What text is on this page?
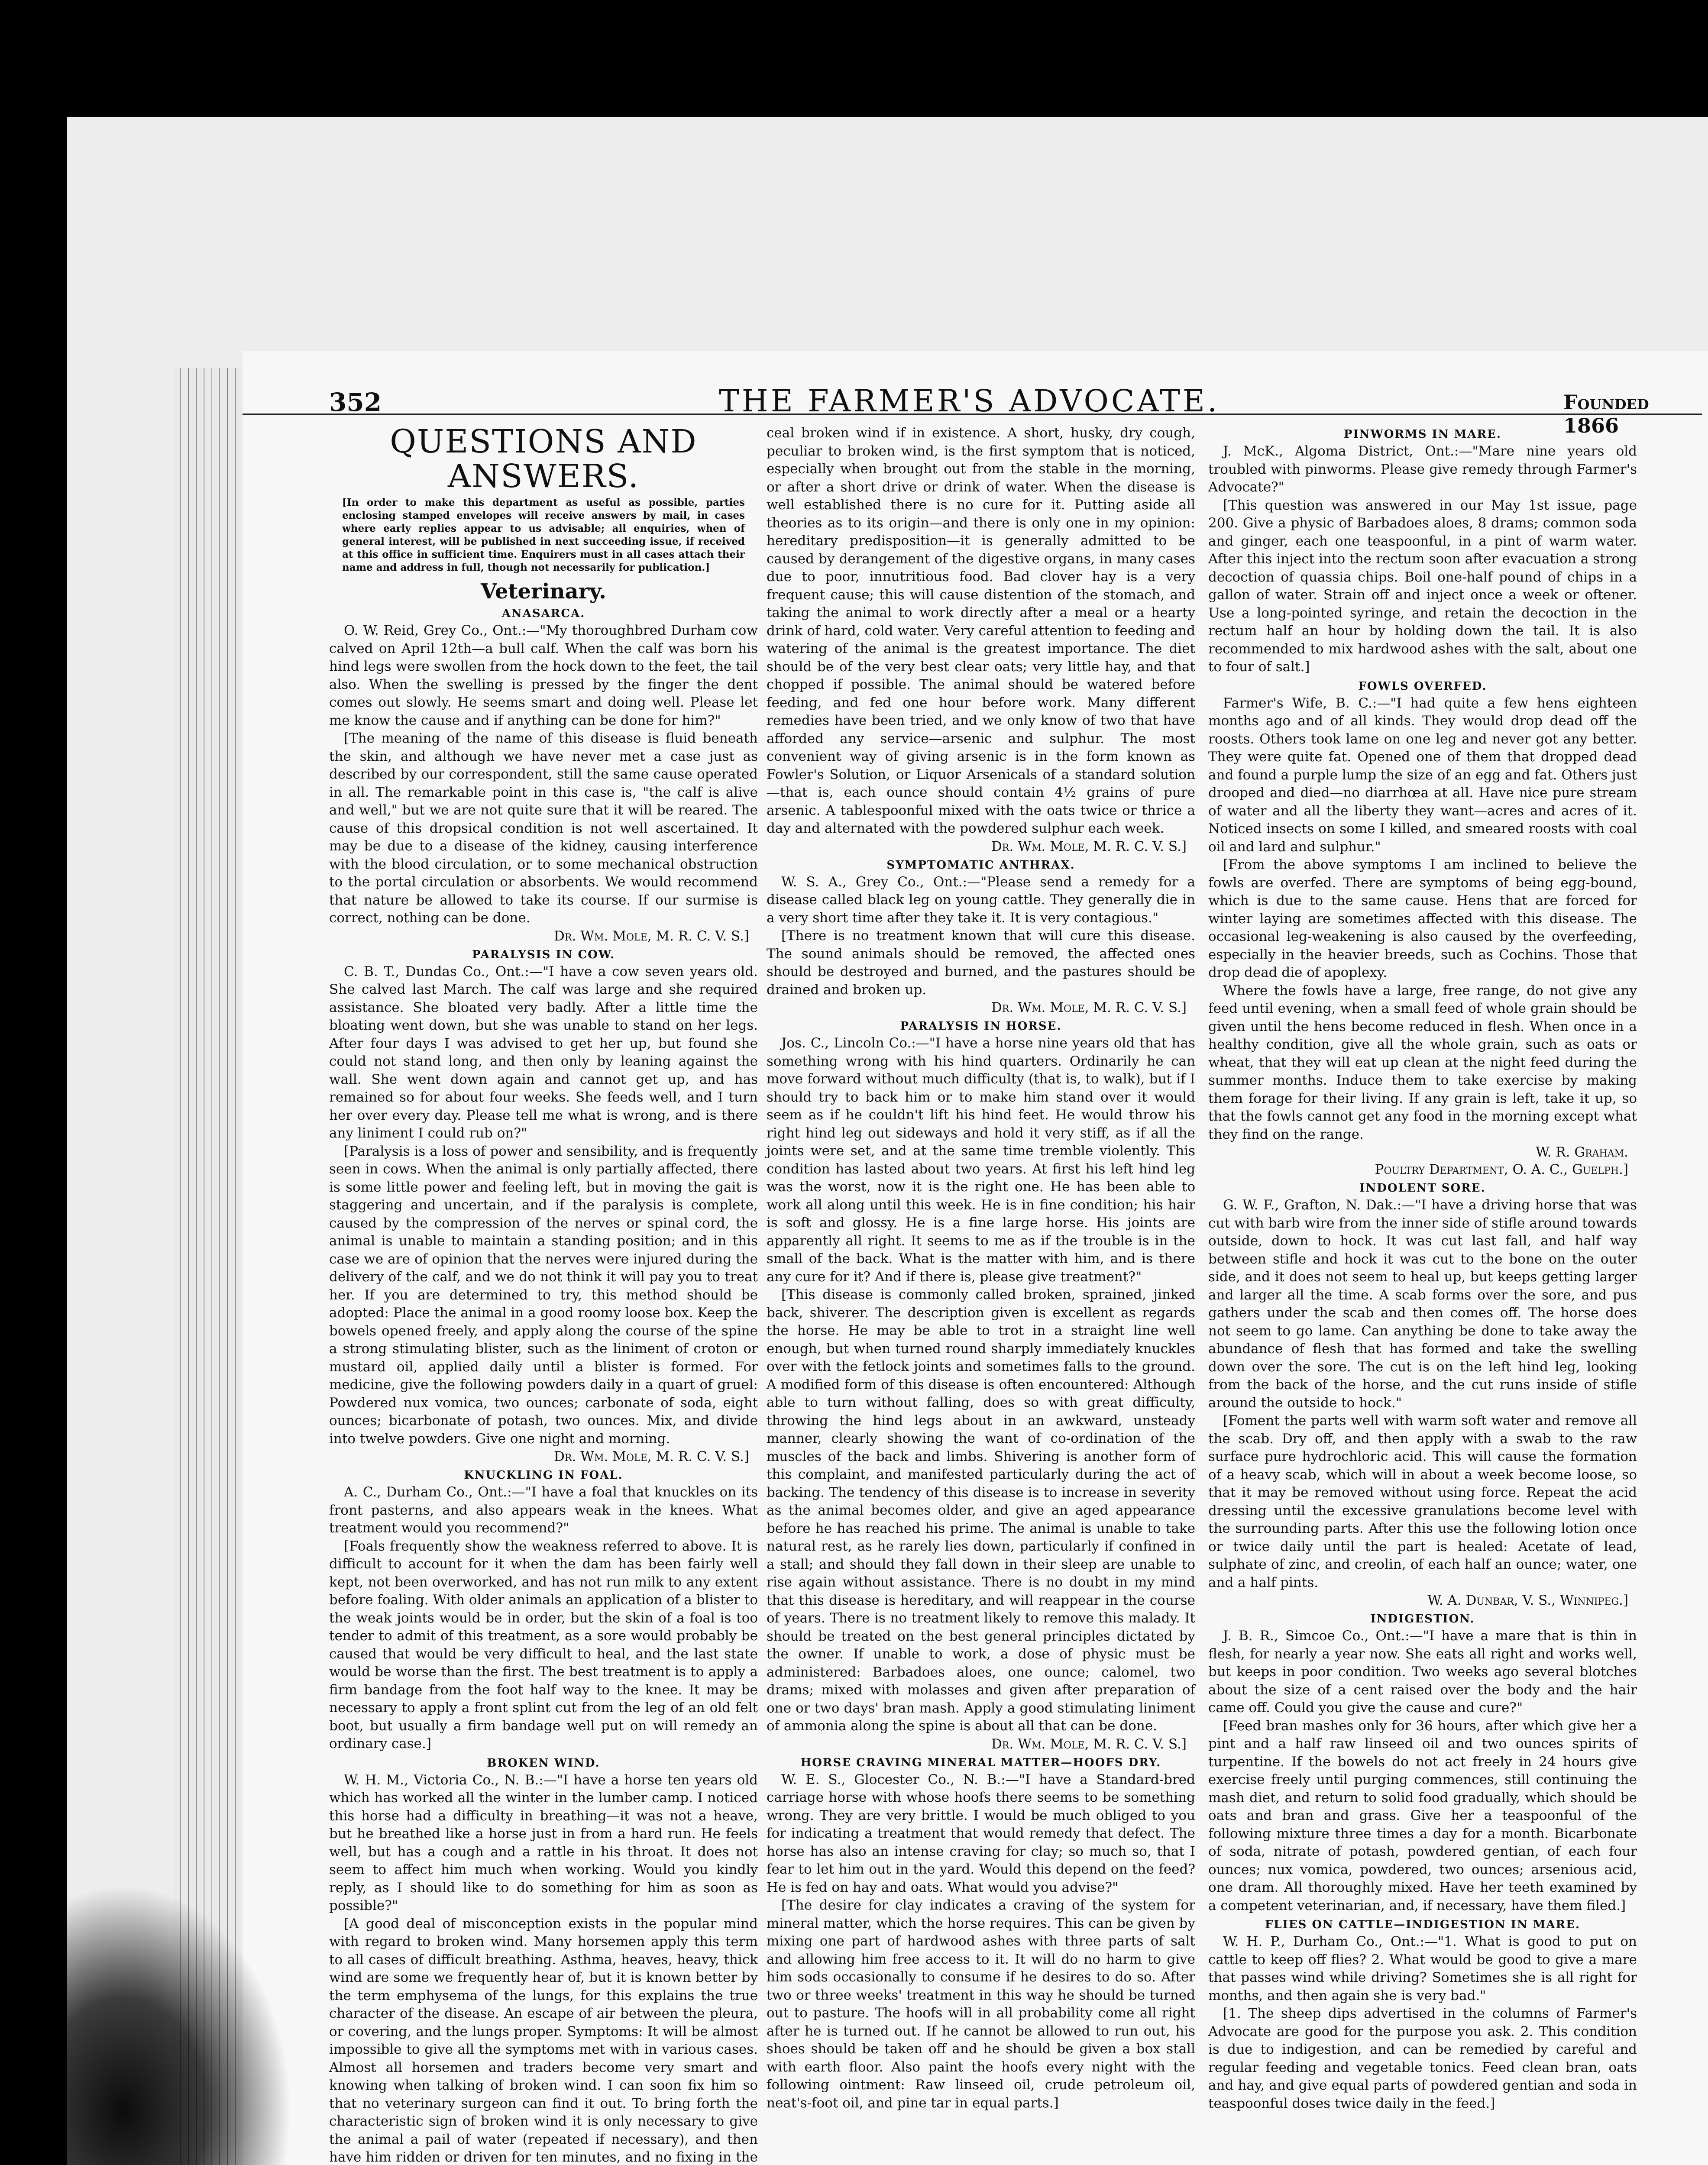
352	THE FARMER'S ADVOCATE.	Founded 1866
QUESTIONS AND ANSWERS.
[In order to make this department as useful as possible, parties enclosing stamped envelopes will receive answers by mail, in cases where early replies appear to us advisable; all enquiries, when of general interest, will be published in next succeeding issue, if received at this office in sufficient time. Enquirers must in all cases attach their name and address in full, though not necessarily for publication.]
Veterinary.
ANASARCA.

O. W. Reid, Grey Co., Ont.:—"My thoroughbred Durham cow calved on April 12th—a bull calf. When the calf was born his hind legs were swollen from the hock down to the feet, the tail also. When the swelling is pressed by the finger the dent comes out slowly. He seems smart and doing well. Please let me know the cause and if anything can be done for him?"

[The meaning of the name of this disease is fluid beneath the skin, and although we have never met a case just as described by our correspondent, still the same cause operated in all. The remarkable point in this case is, "the calf is alive and well," but we are not quite sure that it will be reared. The cause of this dropsical condition is not well ascertained. It may be due to a disease of the kidney, causing interference with the blood circulation, or to some mechanical obstruction to the portal circulation or absorbents. We would recommend that nature be allowed to take its course. If our surmise is correct, nothing can be done.

Dr. Wm. Mole, M. R. C. V. S.]
PARALYSIS IN COW.

C. B. T., Dundas Co., Ont.:—"I have a cow seven years old. She calved last March. The calf was large and she required assistance. She bloated very badly. After a little time the bloating went down, but she was unable to stand on her legs. After four days I was advised to get her up, but found she could not stand long, and then only by leaning against the wall. She went down again and cannot get up, and has remained so for about four weeks. She feeds well, and I turn her over every day. Please tell me what is wrong, and is there any liniment I could rub on?"

[Paralysis is a loss of power and sensibility, and is frequently seen in cows. When the animal is only partially affected, there is some little power and feeling left, but in moving the gait is staggering and uncertain, and if the paralysis is complete, caused by the compression of the nerves or spinal cord, the animal is unable to maintain a standing position; and in this case we are of opinion that the nerves were injured during the delivery of the calf, and we do not think it will pay you to treat her. If you are determined to try, this method should be adopted: Place the animal in a good roomy loose box. Keep the bowels opened freely, and apply along the course of the spine a strong stimulating blister, such as the liniment of croton or mustard oil, applied daily until a blister is formed. For medicine, give the following powders daily in a quart of gruel: Powdered nux vomica, two ounces; carbonate of soda, eight ounces; bicarbonate of potash, two ounces. Mix, and divide into twelve powders. Give one night and morning.

Dr. Wm. Mole, M. R. C. V. S.]
KNUCKLING IN FOAL.

A. C., Durham Co., Ont.:—"I have a foal that knuckles on its front pasterns, and also appears weak in the knees. What treatment would you recommend?"

[Foals frequently show the weakness referred to above. It is difficult to account for it when the dam has been fairly well kept, not been overworked, and has not run milk to any extent before foaling. With older animals an application of a blister to the weak joints would be in order, but the skin of a foal is too tender to admit of this treatment, as a sore would probably be caused that would be very difficult to heal, and the last state would be worse than the first. The best treatment is to apply a firm bandage from the foot half way to the knee. It may be necessary to apply a front splint cut from the leg of an old felt boot, but usually a firm bandage well put on will remedy an ordinary case.]

BROKEN WIND.

W. H. M., Victoria Co., N. B.:—"I have a horse ten years old which has worked all the winter in the lumber camp. I noticed this horse had a difficulty in breathing—it was not a heave, but he breathed like a horse just in from a hard run. He feels well, but has a cough and a rattle in his throat. It does not seem to affect him much when working. Would you kindly reply, as I should like to do something for him as soon as possible?"

[A good deal of misconception exists in the popular mind with regard to broken wind. Many horsemen apply this term to all cases of difficult breathing. Asthma, heaves, heavy, thick wind are some we frequently hear of, but it is known better by the term emphysema of the lungs, for this explains the true character of the disease. An escape of air between the pleura, or covering, and the lungs proper. Symptoms: It will be almost impossible to give all the symptoms met with in various cases. Almost all horsemen and traders become very smart and knowing when talking of broken wind. I can soon fix him so that no veterinary surgeon can find it out. To bring forth the characteristic sign of broken wind it is only necessary to give the animal a pail of water (repeated if necessary), and then have him ridden or driven for ten minutes, and no fixing in the

ceal broken wind if in existence. A short, husky, dry cough, peculiar to broken wind, is the first symptom that is noticed, especially when brought out from the stable in the morning, or after a short drive or drink of water. When the disease is well established there is no cure for it. Putting aside all theories as to its origin—and there is only one in my opinion: hereditary predisposition—it is generally admitted to be caused by derangement of the digestive organs, in many cases due to poor, innutritious food. Bad clover hay is a very frequent cause; this will cause distention of the stomach, and taking the animal to work directly after a meal or a hearty drink of hard, cold water. Very careful attention to feeding and watering of the animal is the greatest importance. The diet should be of the very best clear oats; very little hay, and that chopped if possible. The animal should be watered before feeding, and fed one hour before work. Many different remedies have been tried, and we only know of two that have afforded any service—arsenic and sulphur. The most convenient way of giving arsenic is in the form known as Fowler's Solution, or Liquor Arsenicals of a standard solution—that is, each ounce should contain 4½ grains of pure arsenic. A tablespoonful mixed with the oats twice or thrice a day and alternated with the powdered sulphur each week.

Dr. Wm. Mole, M. R. C. V. S.]
SYMPTOMATIC ANTHRAX.

W. S. A., Grey Co., Ont.:—"Please send a remedy for a disease called black leg on young cattle. They generally die in a very short time after they take it. It is very contagious."

[There is no treatment known that will cure this disease. The sound animals should be removed, the affected ones should be destroyed and burned, and the pastures should be drained and broken up.

Dr. Wm. Mole, M. R. C. V. S.]
PARALYSIS IN HORSE.

Jos. C., Lincoln Co.:—"I have a horse nine years old that has something wrong with his hind quarters. Ordinarily he can move forward without much difficulty (that is, to walk), but if I should try to back him or to make him stand over it would seem as if he couldn't lift his hind feet. He would throw his right hind leg out sideways and hold it very stiff, as if all the joints were set, and at the same time tremble violently. This condition has lasted about two years. At first his left hind leg was the worst, now it is the right one. He has been able to work all along until this week. He is in fine condition; his hair is soft and glossy. He is a fine large horse. His joints are apparently all right. It seems to me as if the trouble is in the small of the back. What is the matter with him, and is there any cure for it? And if there is, please give treatment?"

[This disease is commonly called broken, sprained, jinked back, shiverer. The description given is excellent as regards the horse. He may be able to trot in a straight line well enough, but when turned round sharply immediately knuckles over with the fetlock joints and sometimes falls to the ground. A modified form of this disease is often encountered: Although able to turn without falling, does so with great difficulty, throwing the hind legs about in an awkward, unsteady manner, clearly showing the want of co-ordination of the muscles of the back and limbs. Shivering is another form of this complaint, and manifested particularly during the act of backing. The tendency of this disease is to increase in severity as the animal becomes older, and give an aged appearance before he has reached his prime. The animal is unable to take natural rest, as he rarely lies down, particularly if confined in a stall; and should they fall down in their sleep are unable to rise again without assistance. There is no doubt in my mind that this disease is hereditary, and will reappear in the course of years. There is no treatment likely to remove this malady. It should be treated on the best general principles dictated by the owner. If unable to work, a dose of physic must be administered: Barbadoes aloes, one ounce; calomel, two drams; mixed with molasses and given after preparation of one or two days' bran mash. Apply a good stimulating liniment of ammonia along the spine is about all that can be done.

Dr. Wm. Mole, M. R. C. V. S.]
HORSE CRAVING MINERAL MATTER—HOOFS DRY.

W. E. S., Glocester Co., N. B.:—"I have a Standard-bred carriage horse with whose hoofs there seems to be something wrong. They are very brittle. I would be much obliged to you for indicating a treatment that would remedy that defect. The horse has also an intense craving for clay; so much so, that I fear to let him out in the yard. Would this depend on the feed? He is fed on hay and oats. What would you advise?"

[The desire for clay indicates a craving of the system for mineral matter, which the horse requires. This can be given by mixing one part of hardwood ashes with three parts of salt and allowing him free access to it. It will do no harm to give him sods occasionally to consume if he desires to do so. After two or three weeks' treatment in this way he should be turned out to pasture. The hoofs will in all probability come all right after he is turned out. If he cannot be allowed to run out, his shoes should be taken off and he should be given a box stall with earth floor. Also paint the hoofs every night with the following ointment: Raw linseed oil, crude petroleum oil, neat's-foot oil, and pine tar in equal parts.]

PINWORMS IN MARE.

J. McK., Algoma District, Ont.:—"Mare nine years old troubled with pinworms. Please give remedy through Farmer's Advocate?"

[This question was answered in our May 1st issue, page 200. Give a physic of Barbadoes aloes, 8 drams; common soda and ginger, each one teaspoonful, in a pint of warm water. After this inject into the rectum soon after evacuation a strong decoction of quassia chips. Boil one-half pound of chips in a gallon of water. Strain off and inject once a week or oftener. Use a long-pointed syringe, and retain the decoction in the rectum half an hour by holding down the tail. It is also recommended to mix hardwood ashes with the salt, about one to four of salt.]

FOWLS OVERFED.

Farmer's Wife, B. C.:—"I had quite a few hens eighteen months ago and of all kinds. They would drop dead off the roosts. Others took lame on one leg and never got any better. They were quite fat. Opened one of them that dropped dead and found a purple lump the size of an egg and fat. Others just drooped and died—no diarrhœa at all. Have nice pure stream of water and all the liberty they want—acres and acres of it. Noticed insects on some I killed, and smeared roosts with coal oil and lard and sulphur."

[From the above symptoms I am inclined to believe the fowls are overfed. There are symptoms of being egg-bound, which is due to the same cause. Hens that are forced for winter laying are sometimes affected with this disease. The occasional leg-weakening is also caused by the overfeeding, especially in the heavier breeds, such as Cochins. Those that drop dead die of apoplexy.

Where the fowls have a large, free range, do not give any feed until evening, when a small feed of whole grain should be given until the hens become reduced in flesh. When once in a healthy condition, give all the whole grain, such as oats or wheat, that they will eat up clean at the night feed during the summer months. Induce them to take exercise by making them forage for their living. If any grain is left, take it up, so that the fowls cannot get any food in the morning except what they find on the range.

W. R. Graham.
Poultry Department, O. A. C., Guelph.]
INDOLENT SORE.

G. W. F., Grafton, N. Dak.:—"I have a driving horse that was cut with barb wire from the inner side of stifle around towards outside, down to hock. It was cut last fall, and half way between stifle and hock it was cut to the bone on the outer side, and it does not seem to heal up, but keeps getting larger and larger all the time. A scab forms over the sore, and pus gathers under the scab and then comes off. The horse does not seem to go lame. Can anything be done to take away the abundance of flesh that has formed and take the swelling down over the sore. The cut is on the left hind leg, looking from the back of the horse, and the cut runs inside of stifle around the outside to hock."

[Foment the parts well with warm soft water and remove all the scab. Dry off, and then apply with a swab to the raw surface pure hydrochloric acid. This will cause the formation of a heavy scab, which will in about a week become loose, so that it may be removed without using force. Repeat the acid dressing until the excessive granulations become level with the surrounding parts. After this use the following lotion once or twice daily until the part is healed: Acetate of lead, sulphate of zinc, and creolin, of each half an ounce; water, one and a half pints.

W. A. Dunbar, V. S., Winnipeg.]
INDIGESTION.

J. B. R., Simcoe Co., Ont.:—"I have a mare that is thin in flesh, for nearly a year now. She eats all right and works well, but keeps in poor condition. Two weeks ago several blotches about the size of a cent raised over the body and the hair came off. Could you give the cause and cure?"

[Feed bran mashes only for 36 hours, after which give her a pint and a half raw linseed oil and two ounces spirits of turpentine. If the bowels do not act freely in 24 hours give exercise freely until purging commences, still continuing the mash diet, and return to solid food gradually, which should be oats and bran and grass. Give her a teaspoonful of the following mixture three times a day for a month. Bicarbonate of soda, nitrate of potash, powdered gentian, of each four ounces; nux vomica, powdered, two ounces; arsenious acid, one dram. All thoroughly mixed. Have her teeth examined by a competent veterinarian, and, if necessary, have them filed.]

FLIES ON CATTLE—INDIGESTION IN MARE.

W. H. P., Durham Co., Ont.:—"1. What is good to put on cattle to keep off flies? 2. What would be good to give a mare that passes wind while driving? Sometimes she is all right for months, and then again she is very bad."

[1. The sheep dips advertised in the columns of Farmer's Advocate are good for the purpose you ask. 2. This condition is due to indigestion, and can be remedied by careful and regular feeding and vegetable tonics. Feed clean bran, oats and hay, and give equal parts of powdered gentian and soda in teaspoonful doses twice daily in the feed.]
